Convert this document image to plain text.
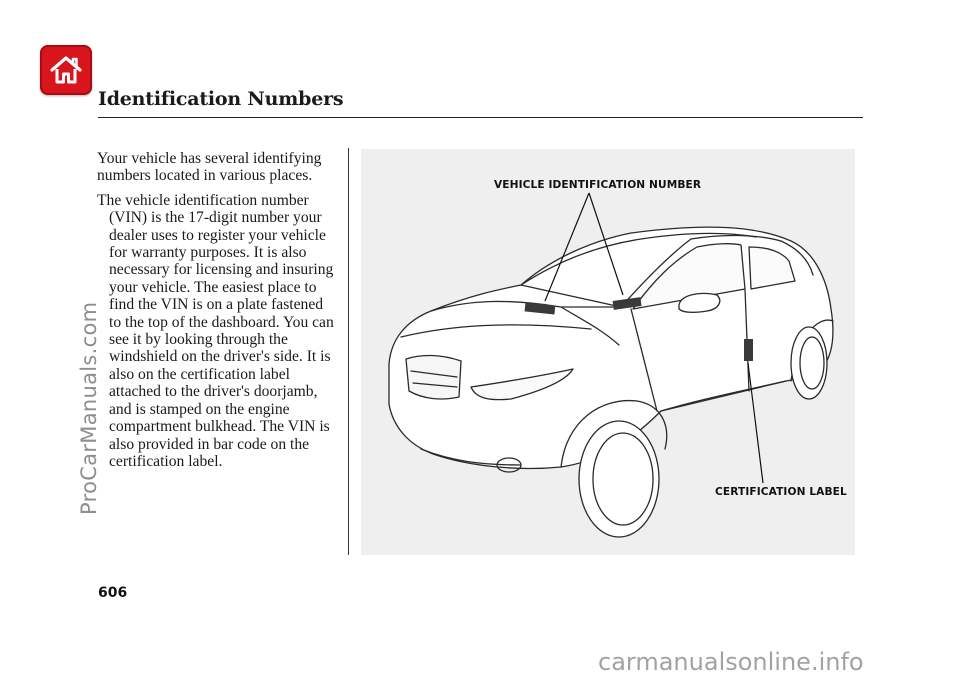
Identification Numbers

Your vehicle has several identifying numbers located in various places.

The vehicle identification number (VIN) is the 17-digit number your dealer uses to register your vehicle for warranty purposes. It is also necessary for licensing and insuring your vehicle. The easiest place to find the VIN is on a plate fastened to the top of the dashboard. You can see it by looking through the windshield on the driver's side. It is also on the certification label attached to the driver's doorjamb, and is stamped on the engine compartment bulkhead. The VIN is also provided in bar code on the certification label.

VEHICLE IDENTIFICATION NUMBER

CERTIFICATION LABEL

606

ProCarManuals.com
carmanualsonline.info
